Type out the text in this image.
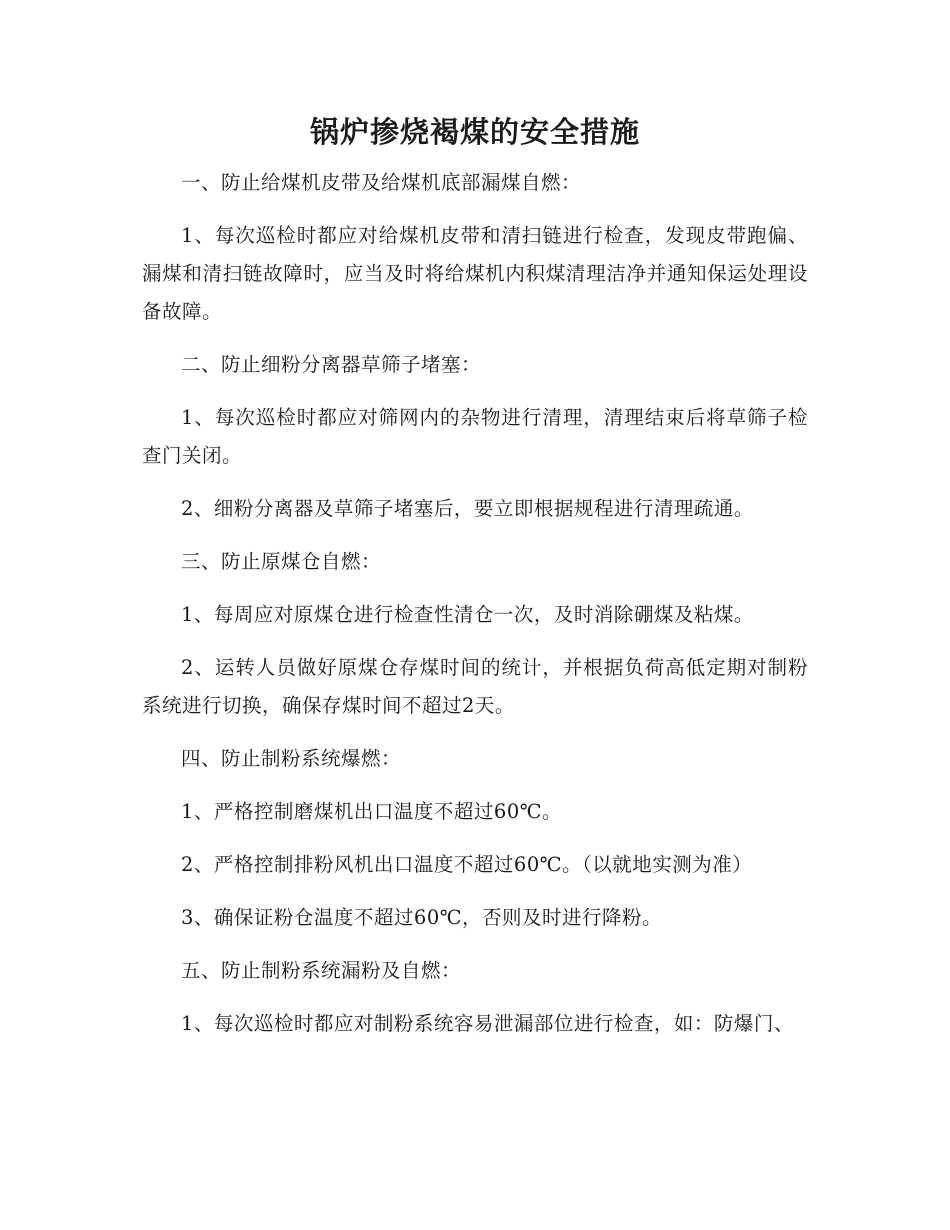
锅炉掺烧褐煤的安全措施

一、防止给煤机皮带及给煤机底部漏煤自燃：

1、每次巡检时都应对给煤机皮带和清扫链进行检查，发现皮带跑偏、漏煤和清扫链故障时，应当及时将给煤机内积煤清理洁净并通知保运处理设备故障。

二、防止细粉分离器草筛子堵塞：

1、每次巡检时都应对筛网内的杂物进行清理，清理结束后将草筛子检查门关闭。

2、细粉分离器及草筛子堵塞后，要立即根据规程进行清理疏通。

三、防止原煤仓自燃：

1、每周应对原煤仓进行检查性清仓一次，及时消除硼煤及粘煤。

2、运转人员做好原煤仓存煤时间的统计，并根据负荷高低定期对制粉系统进行切换，确保存煤时间不超过2天。

四、防止制粉系统爆燃：

1、严格控制磨煤机出口温度不超过60℃。

2、严格控制排粉风机出口温度不超过60℃。（以就地实测为准）

3、确保证粉仓温度不超过60℃，否则及时进行降粉。

五、防止制粉系统漏粉及自燃：

1、每次巡检时都应对制粉系统容易泄漏部位进行检查，如：防爆门、
